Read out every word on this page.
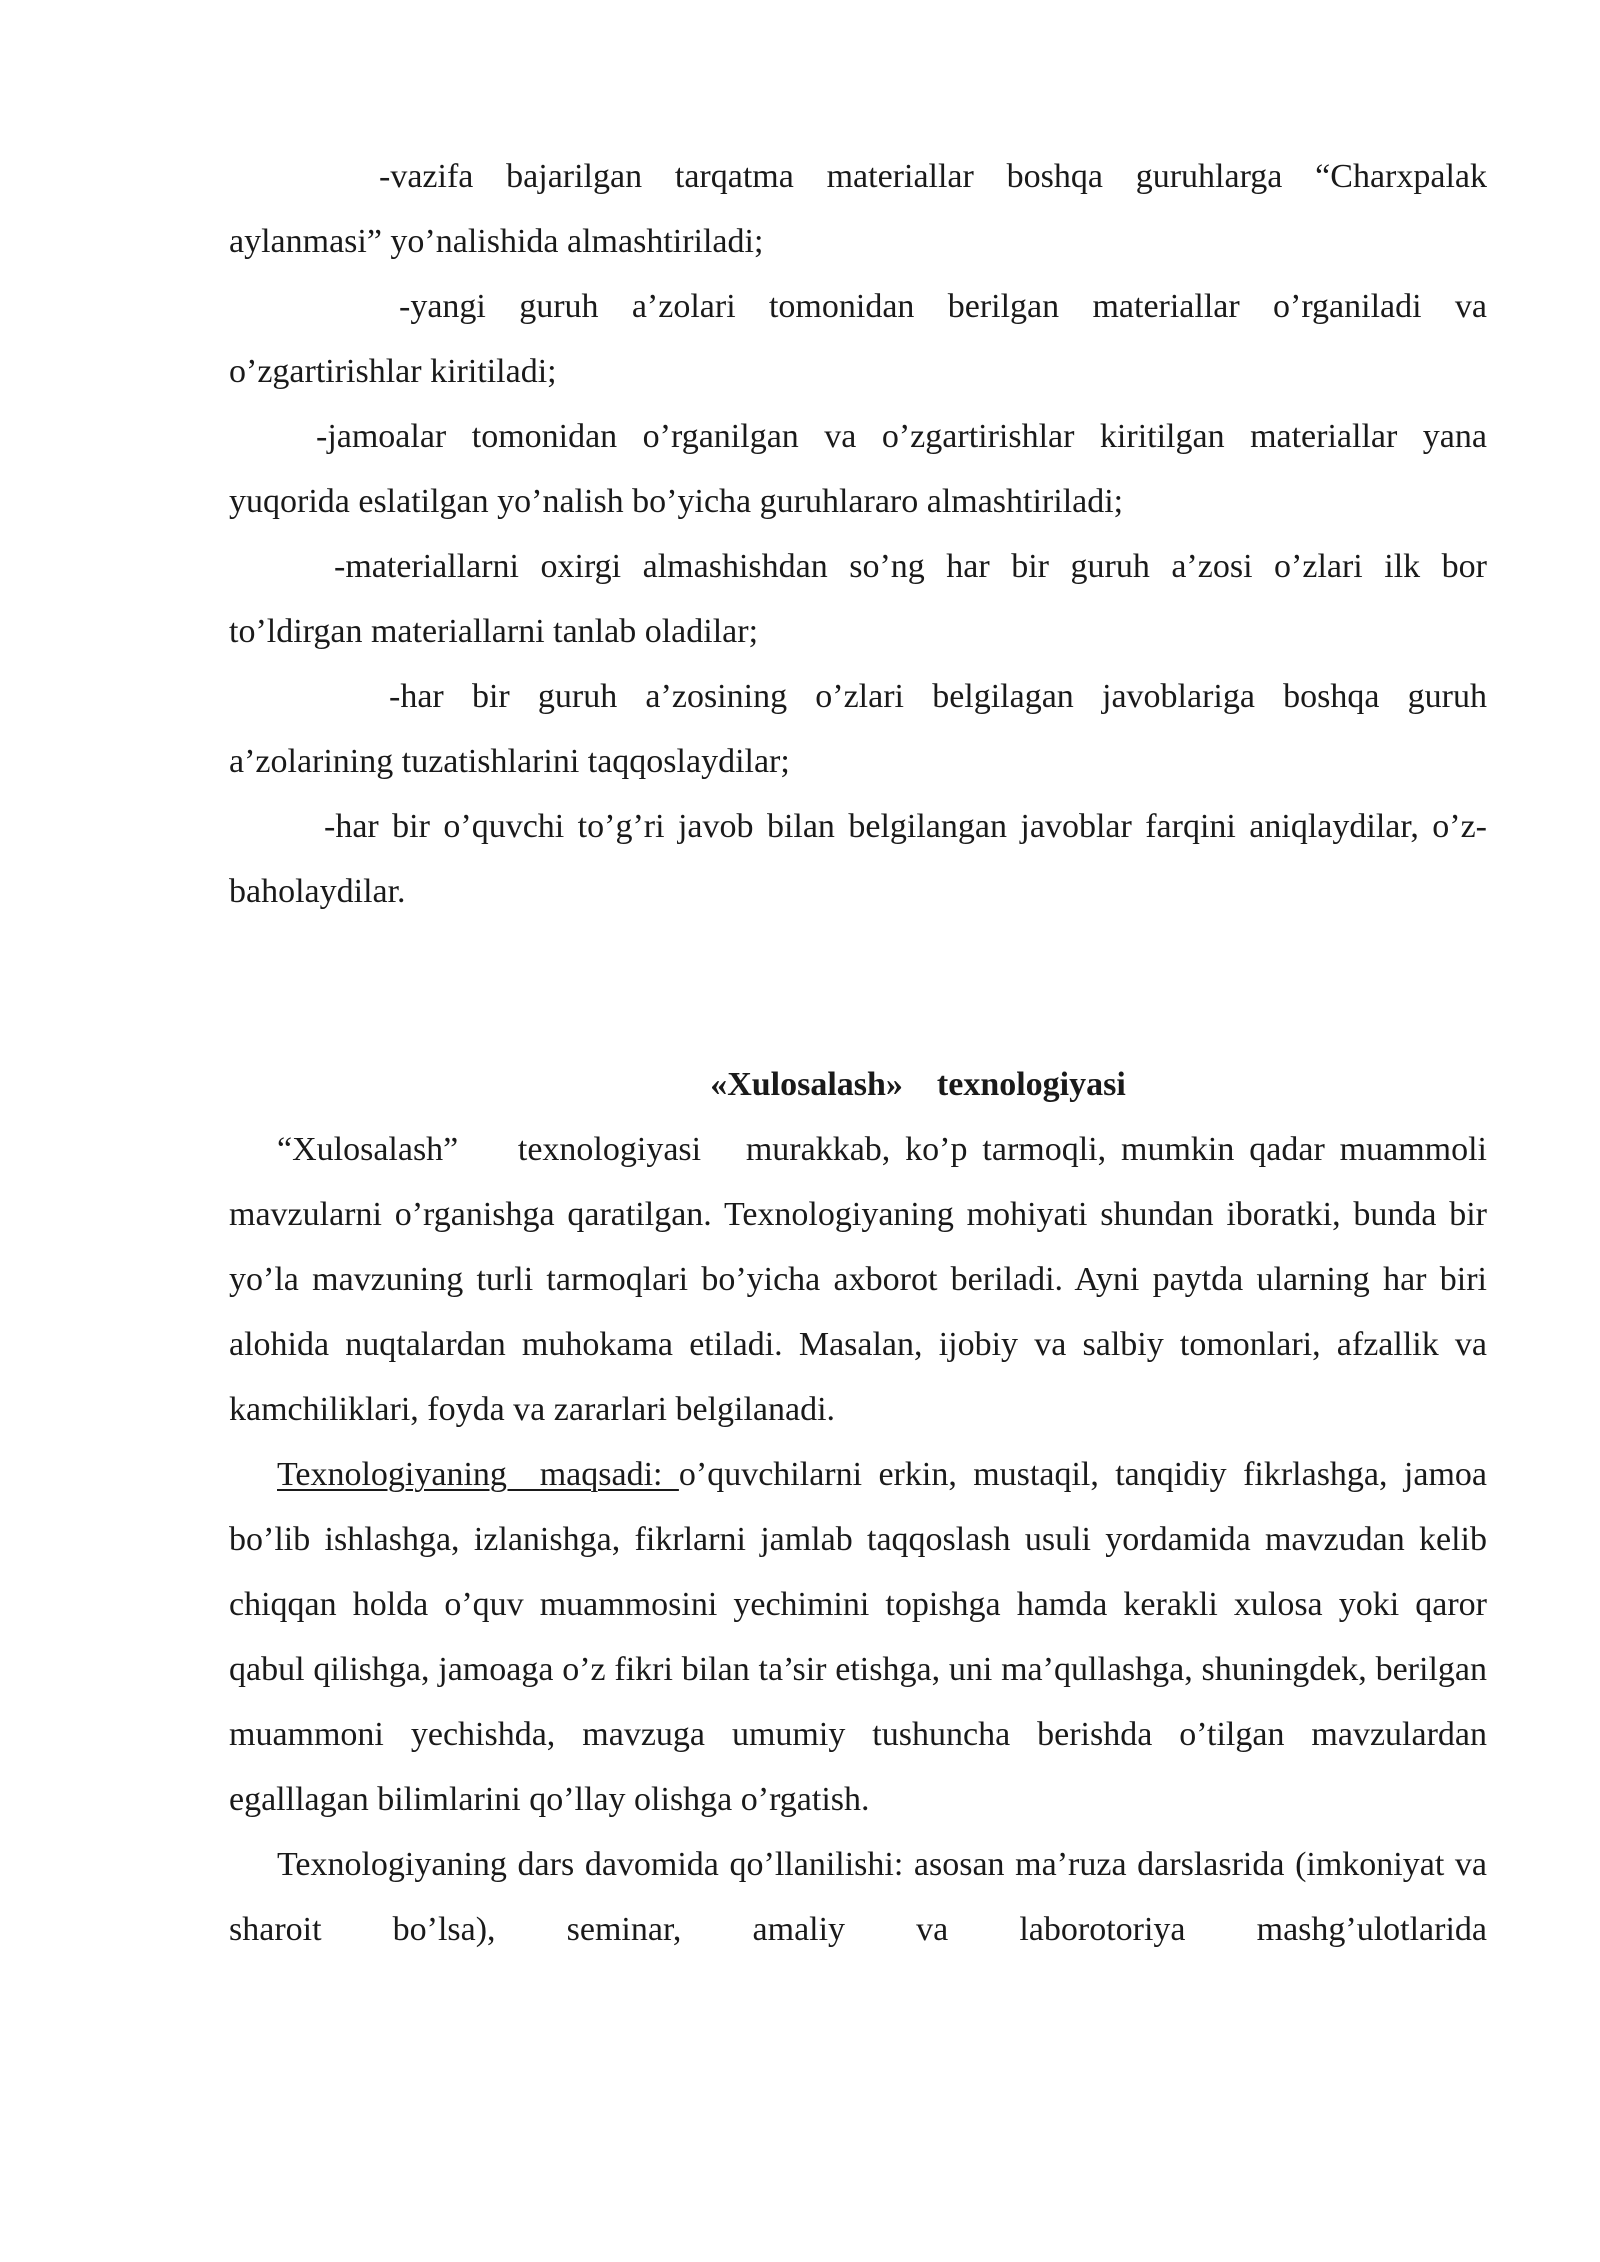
-vazifa bajarilgan tarqatma materiallar boshqa guruhlarga “Charxpalak aylanmasi” yo’nalishida almashtiriladi;

-yangi guruh a’zolari tomonidan berilgan materiallar o’rganiladi va o’zgartirishlar kiritiladi;

-jamoalar tomonidan o’rganilgan va o’zgartirishlar kiritilgan materiallar yana yuqorida eslatilgan yo’nalish bo’yicha guruhlararo almashtiriladi;

-materiallarni oxirgi almashishdan so’ng har bir guruh a’zosi o’zlari ilk bor to’ldirgan materiallarni tanlab oladilar;

-har bir guruh a’zosining o’zlari belgilagan javoblariga boshqa guruh a’zolarining tuzatishlarini taqqoslaydilar;

-har bir o’quvchi to’g’ri javob bilan belgilangan javoblar farqini aniqlaydilar, o’z- baholaydilar.

«Xulosalash»    texnologiyasi

“Xulosalash”    texnologiyasi   murakkab, ko’p tarmoqli, mumkin qadar muammoli mavzularni o’rganishga qaratilgan. Texnologiyaning mohiyati shundan iboratki, bunda bir yo’la mavzuning turli tarmoqlari bo’yicha axborot beriladi. Ayni paytda ularning har biri alohida nuqtalardan muhokama etiladi. Masalan, ijobiy va salbiy tomonlari, afzallik va kamchiliklari, foyda va zararlari belgilanadi.

Texnologiyaning  maqsadi: o’quvchilarni erkin, mustaqil, tanqidiy fikrlashga, jamoa bo’lib ishlashga, izlanishga, fikrlarni jamlab taqqoslash usuli yordamida mavzudan kelib chiqqan holda o’quv muammosini yechimini topishga hamda kerakli xulosa yoki qaror qabul qilishga, jamoaga o’z fikri bilan ta’sir etishga, uni ma’qullashga, shuningdek, berilgan muammoni yechishda, mavzuga umumiy tushuncha berishda o’tilgan mavzulardan egalllagan bilimlarini qo’llay olishga o’rgatish.

Texnologiyaning dars davomida qo’llanilishi: asosan ma’ruza darslasrida (imkoniyat va sharoit bo’lsa), seminar, amaliy va laborotoriya mashg’ulotlarida
